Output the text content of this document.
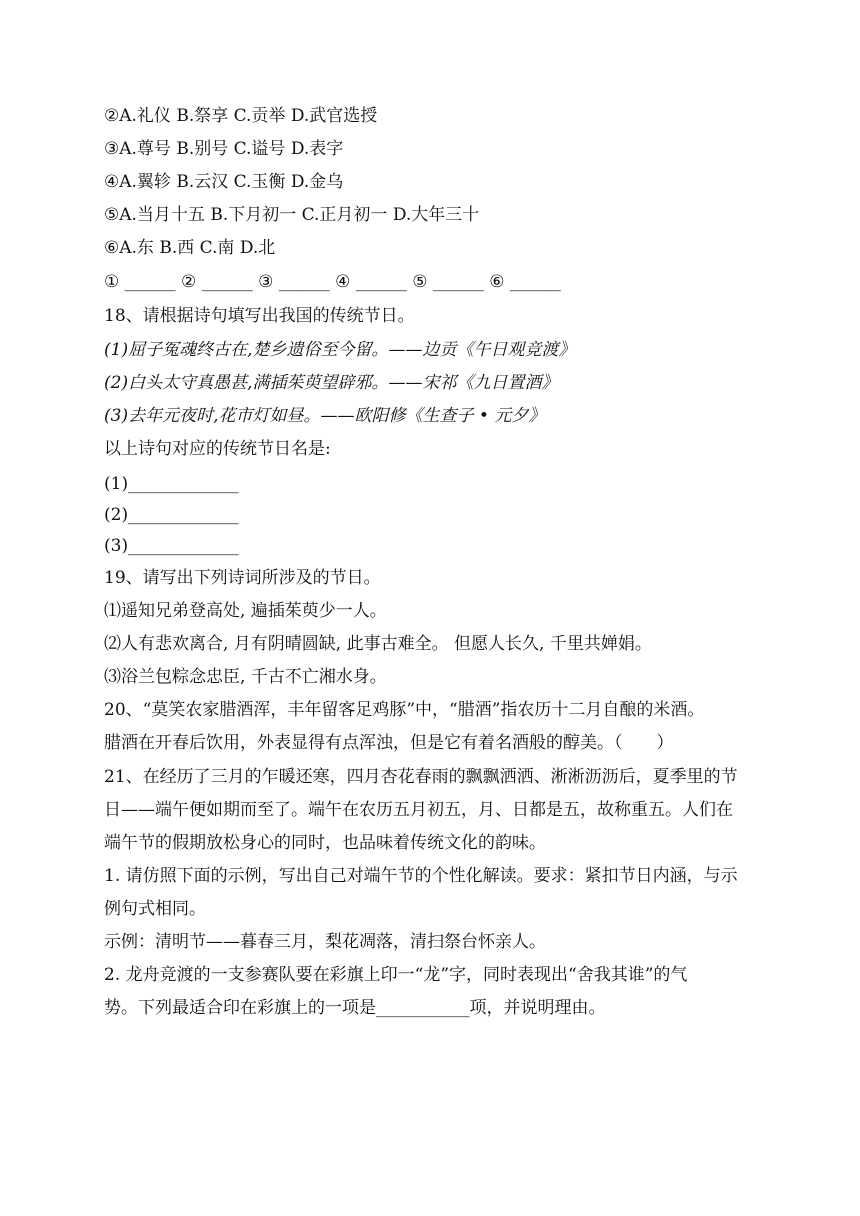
②A.礼仪 B.祭享 C.贡举 D.武官选授
③A.尊号 B.别号 C.谥号 D.表字
④A.翼轸 B.云汉 C.玉衡 D.金乌
⑤A.当月十五 B.下月初一 C.正月初一 D.大年三十
⑥A.东 B.西 C.南 D.北
① ______ ② ______ ③ ______ ④ ______ ⑤ ______ ⑥ ______
18、请根据诗句填写出我国的传统节日。
(1)屈子冤魂终古在,楚乡遗俗至今留。——边贡《午日观竞渡》
(2)白头太守真愚甚,满插茱萸望辟邪。——宋祁《九日置酒》
(3)去年元夜时,花市灯如昼。——欧阳修《生查子 • 元夕》
以上诗句对应的传统节日名是:
(1)_____________
(2)_____________
(3)_____________
19、请写出下列诗词所涉及的节日。
⑴遥知兄弟登高处, 遍插茱萸少一人。
⑵人有悲欢离合, 月有阴晴圆缺, 此事古难全。 但愿人长久, 千里共婵娟。
⑶浴兰包粽念忠臣, 千古不亡湘水身。
20、“莫笑农家腊酒浑，丰年留客足鸡豚”中，“腊酒”指农历十二月自酿的米酒。
腊酒在开春后饮用，外表显得有点浑浊，但是它有着名酒般的醇美。（　　）
21、在经历了三月的乍暖还寒，四月杏花春雨的飘飘洒洒、淅淅沥沥后，夏季里的节
日——端午便如期而至了。端午在农历五月初五，月、日都是五，故称重五。人们在
端午节的假期放松身心的同时，也品味着传统文化的韵味。
1. 请仿照下面的示例，写出自己对端午节的个性化解读。要求：紧扣节日内涵，与示
例句式相同。
示例：清明节——暮春三月，梨花凋落，清扫祭台怀亲人。
2. 龙舟竞渡的一支参赛队要在彩旗上印一“龙”字，同时表现出“舍我其谁”的气
势。下列最适合印在彩旗上的一项是___________项，并说明理由。
